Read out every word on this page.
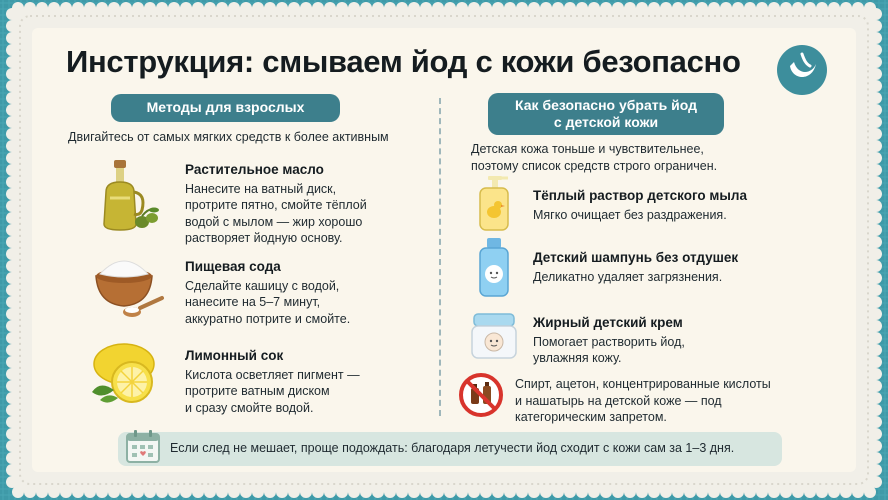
Инструкция: смываем йод с кожи безопасно
Методы для взрослых	Как безопасно убрать йод
с детской кожи
Двигайтесь от самых мягких средств к более активным
Растительное масло
Нанесите на ватный диск,
протрите пятно, смойте тёплой
водой с мылом — жир хорошо
растворяет йодную основу.
Пищевая сода
Сделайте кашицу с водой,
нанесите на 5–7 минут,
аккуратно потрите и смойте.
Лимонный сок
Кислота осветляет пигмент —
протрите ватным диском
и сразу смойте водой.
Детская кожа тоньше и чувствительнее,
поэтому список средств строго ограничен.
Тёплый раствор детского мыла
Мягко очищает без раздражения.
Детский шампунь без отдушек
Деликатно удаляет загрязнения.
Жирный детский крем
Помогает растворить йод,
увлажняя кожу.
Спирт, ацетон, концентрированные кислоты
и нашатырь на детской коже — под
категорическим запретом.
Если след не мешает, проще подождать: благодаря летучести йод сходит с кожи сам за 1–3 дня.
